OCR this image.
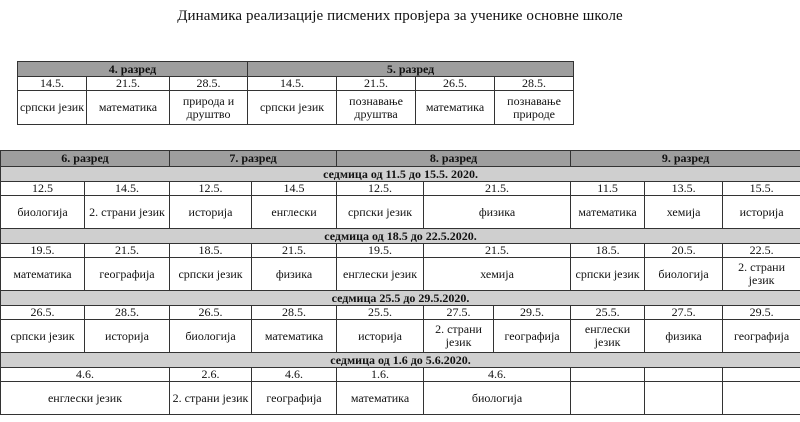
Динамика реализације писмених провјера за ученике основне школе
4. разред			5. разред			
14.5.	21.5.	28.5.	14.5.	21.5.	26.5.	28.5.
српски језик	математика	природа и друштво	српски језик	познавање друштва	математика	познавање природе
6. разред		7. разред		8. разред			9. разред		
седмица од 11.5 до 15.5. 2020.									
12.5	14.5.	12.5.	14.5	12.5.	21.5.		11.5	13.5.	15.5.
биологија	2. страни језик	историја	енглески	српски језик	физика		математика	хемија	историја
седмица од 18.5 до 22.5.2020.									
19.5.	21.5.	18.5.	21.5.	19.5.	21.5.		18.5.	20.5.	22.5.
математика	географија	српски језик	физика	енглески језик	хемија		српски језик	биологија	2. страни језик
седмица 25.5 до 29.5.2020.									
26.5.	28.5.	26.5.	28.5.	25.5.	27.5.	29.5.	25.5.	27.5.	29.5.
српски језик	историја	биологија	математика	историја	2. страни језик	географија	енглески језик	физика	географија
седмица од 1.6 до 5.6.2020.									
4.6.		2.6.	4.6.	1.6.	4.6.				
енглески језик		2. страни језик	географија	математика	биологија				
